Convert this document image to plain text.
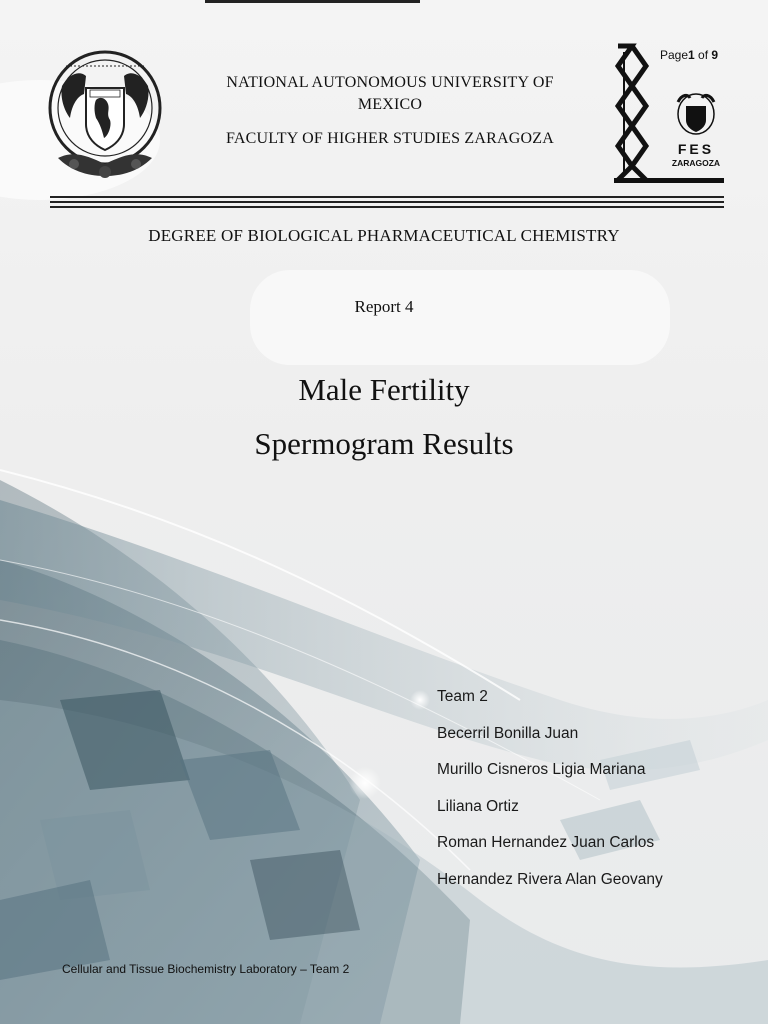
NATIONAL AUTONOMOUS UNIVERSITY OF
MEXICO
FACULTY OF HIGHER STUDIES ZARAGOZA
FES
ZARAGOZA
Page1 of 9
DEGREE OF BIOLOGICAL PHARMACEUTICAL CHEMISTRY
Report 4
Male Fertility
Spermogram Results
Team 2
Becerril Bonilla Juan
Murillo Cisneros Ligia Mariana
Liliana Ortiz
Roman Hernandez Juan Carlos
Hernandez Rivera Alan Geovany
Cellular and Tissue Biochemistry Laboratory – Team 2
